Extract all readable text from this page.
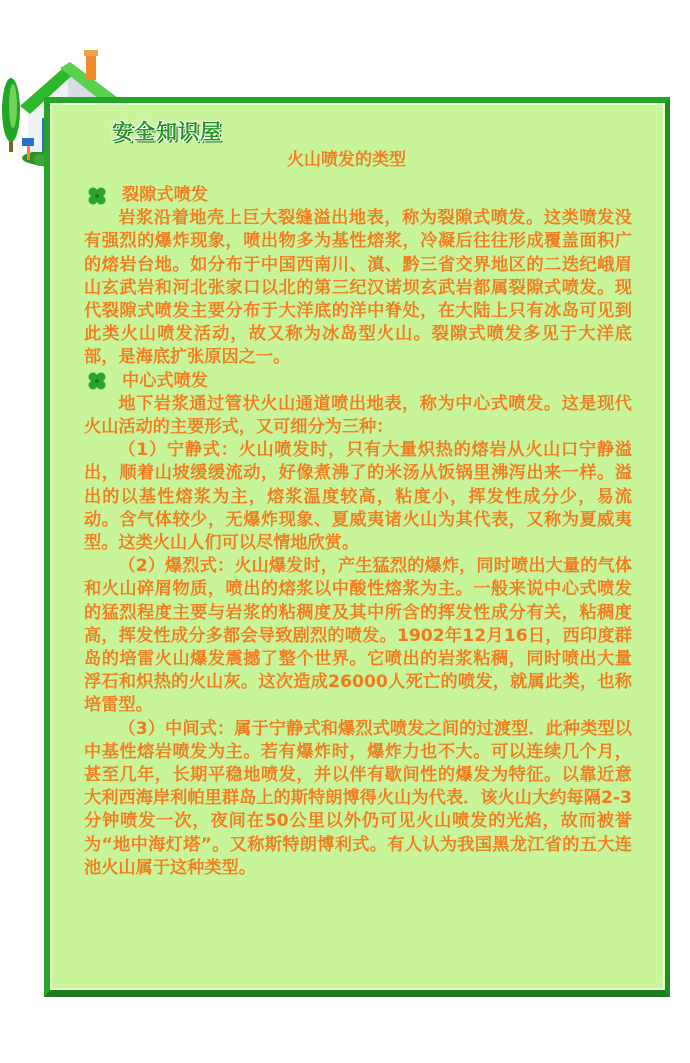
安全知识屋
火山喷发的类型
裂隙式喷发

岩浆沿着地壳上巨大裂缝溢出地表，称为裂隙式喷发。这类喷发没有强烈的爆炸现象，喷出物多为基性熔浆，冷凝后往往形成覆盖面积广的熔岩台地。如分布于中国西南川、滇、黔三省交界地区的二迭纪峨眉山玄武岩和河北张家口以北的第三纪汉诺坝玄武岩都属裂隙式喷发。现代裂隙式喷发主要分布于大洋底的洋中脊处，在大陆上只有冰岛可见到此类火山喷发活动，故又称为冰岛型火山。裂隙式喷发多见于大洋底部，是海底扩张原因之一。

中心式喷发

地下岩浆通过管状火山通道喷出地表，称为中心式喷发。这是现代火山活动的主要形式，又可细分为三种：

（1）宁静式：火山喷发时，只有大量炽热的熔岩从火山口宁静溢出，顺着山坡缓缓流动，好像煮沸了的米汤从饭锅里沸泻出来一样。溢出的以基性熔浆为主，熔浆温度较高，粘度小，挥发性成分少，易流动。含气体较少，无爆炸现象、夏威夷诸火山为其代表，又称为夏威夷型。这类火山人们可以尽情地欣赏。

（2）爆烈式：火山爆发时，产生猛烈的爆炸，同时喷出大量的气体和火山碎屑物质，喷出的熔浆以中酸性熔浆为主。一般来说中心式喷发的猛烈程度主要与岩浆的粘稠度及其中所含的挥发性成分有关，粘稠度高，挥发性成分多都会导致剧烈的喷发。1902年12月16日，西印度群岛的培雷火山爆发震撼了整个世界。它喷出的岩浆粘稠，同时喷出大量浮石和炽热的火山灰。这次造成26000人死亡的喷发，就属此类，也称培雷型。

（3）中间式：属于宁静式和爆烈式喷发之间的过渡型．此种类型以中基性熔岩喷发为主。若有爆炸时，爆炸力也不大。可以连续几个月，甚至几年，长期平稳地喷发，并以伴有歇间性的爆发为特征。以靠近意大利西海岸利帕里群岛上的斯特朗博得火山为代表．该火山大约每隔2-3分钟喷发一次，夜间在50公里以外仍可见火山喷发的光焰，故而被誉为“地中海灯塔”。又称斯特朗博利式。有人认为我国黑龙江省的五大连池火山属于这种类型。
